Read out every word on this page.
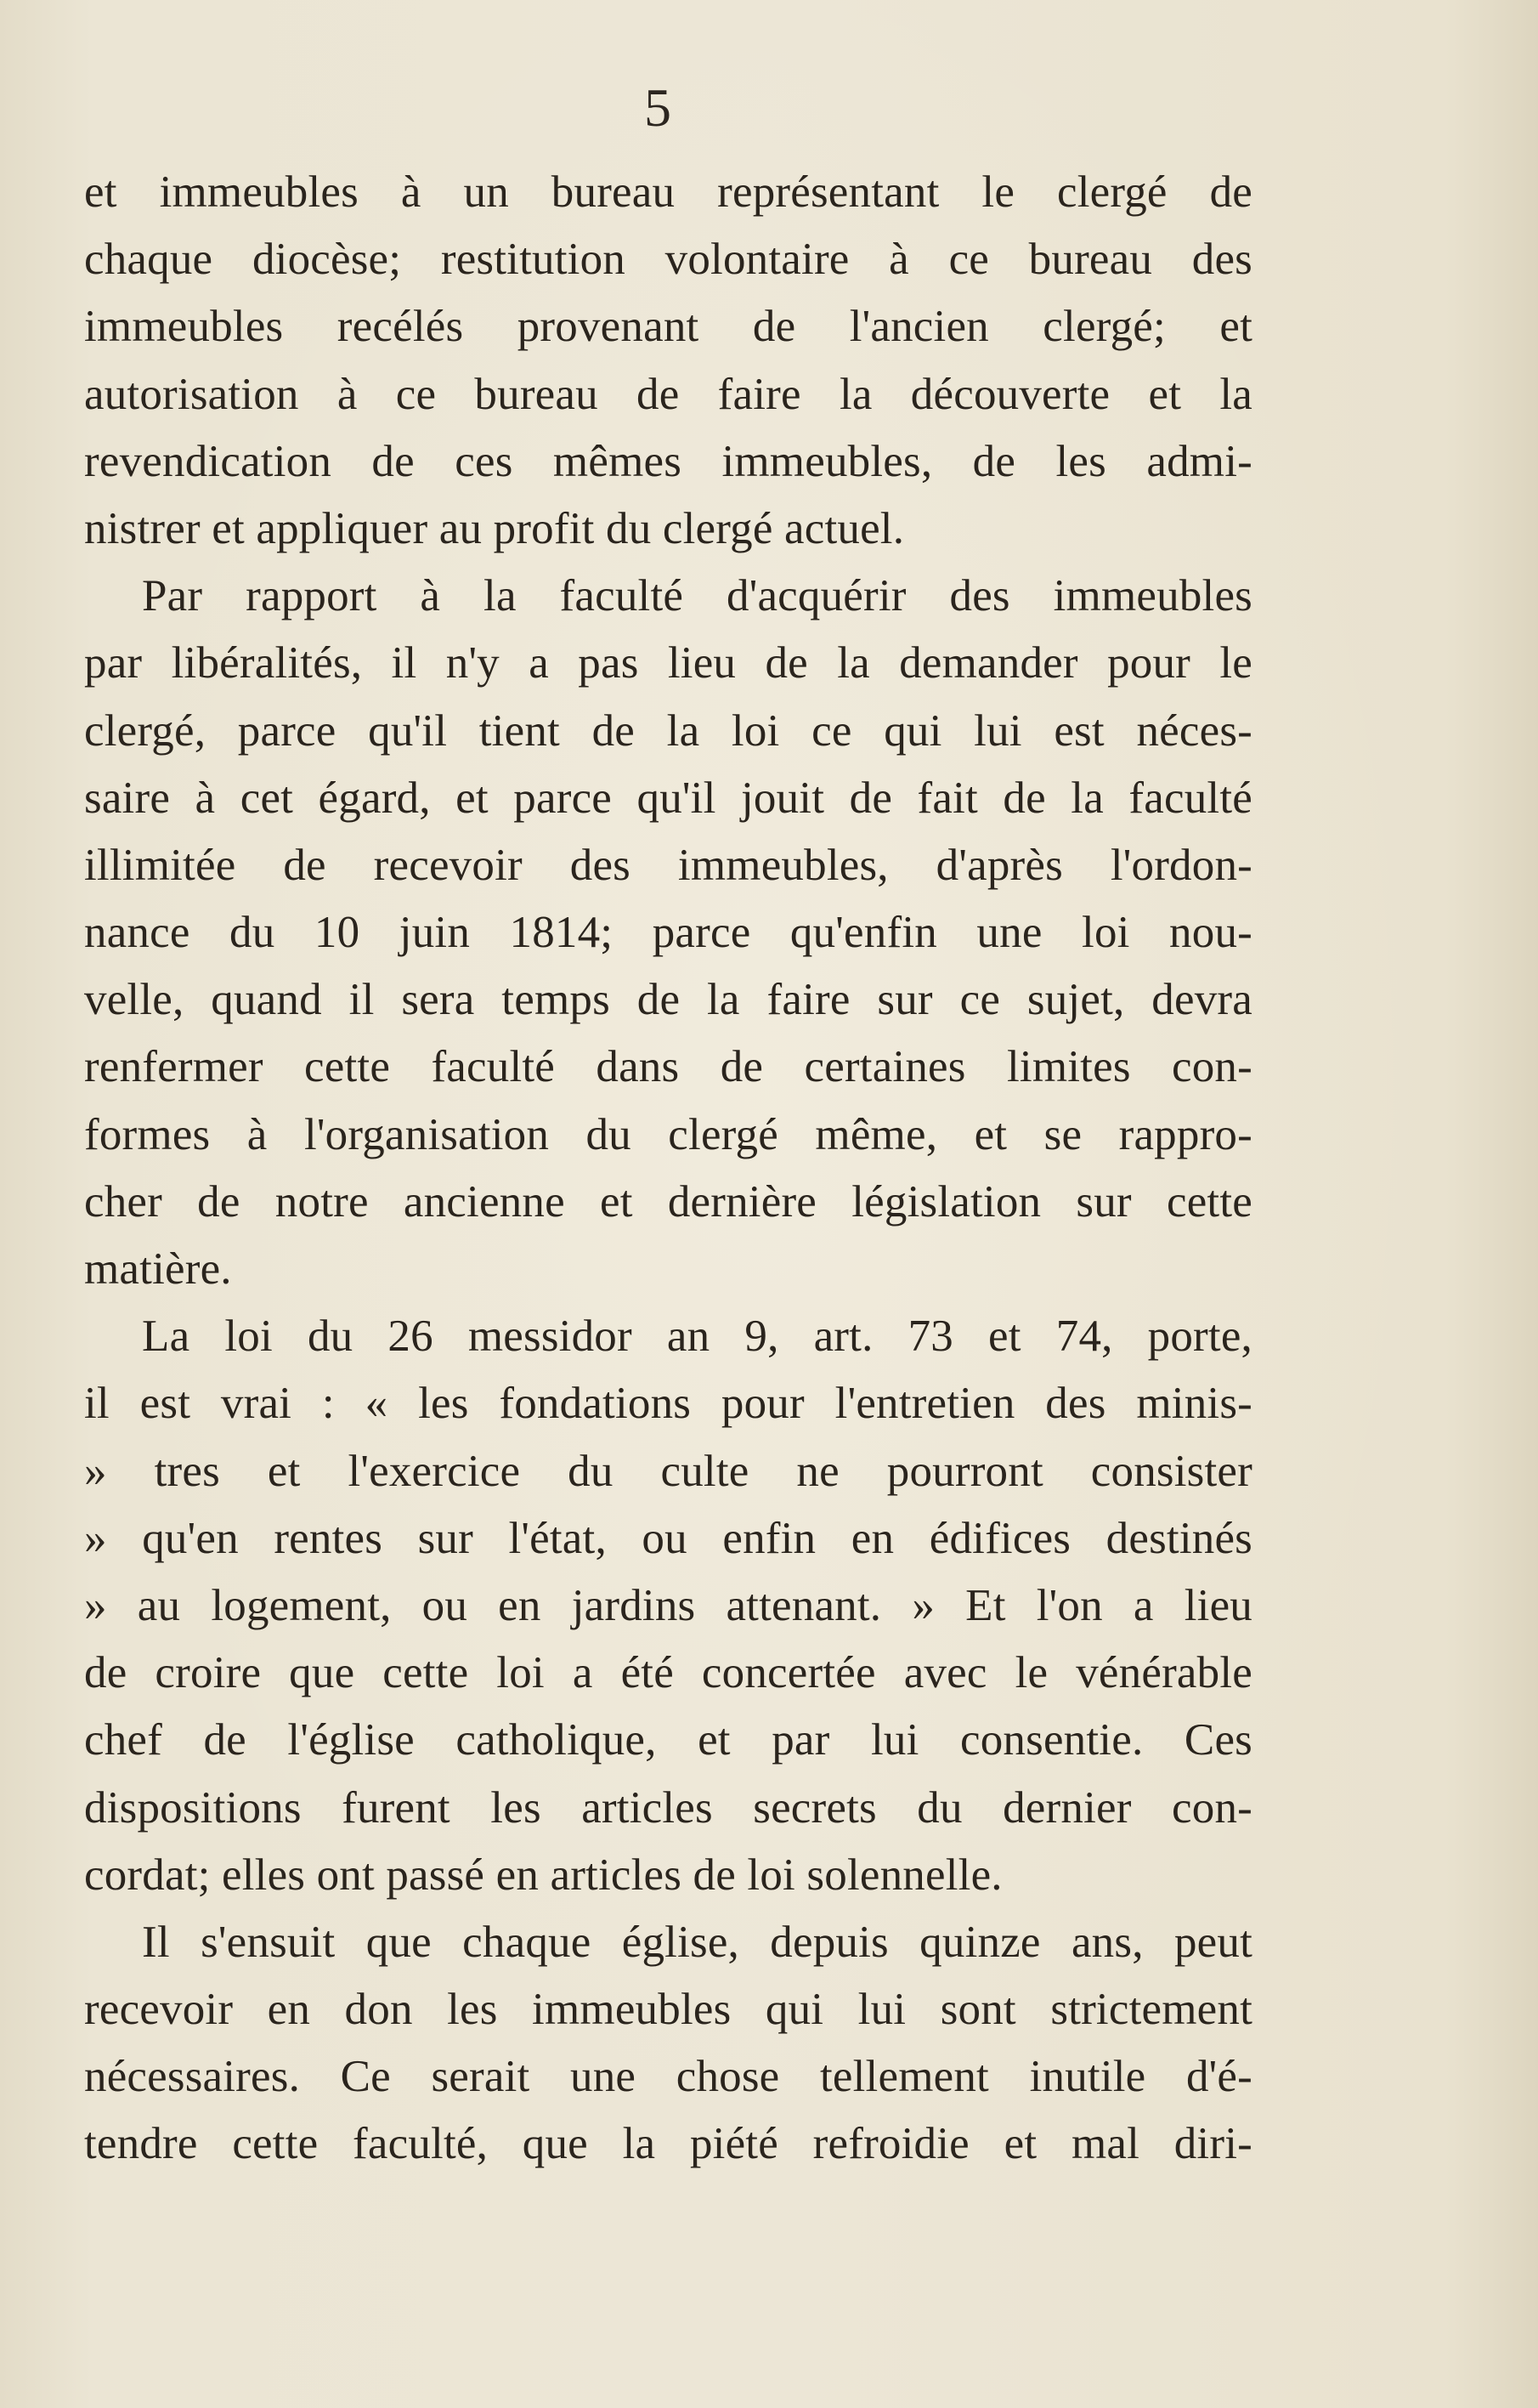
5
et immeubles à un bureau représentant le clergé de
chaque diocèse; restitution volontaire à ce bureau des
immeubles recélés provenant de l'ancien clergé; et
autorisation à ce bureau de faire la découverte et la
revendication de ces mêmes immeubles, de les admi-
nistrer et appliquer au profit du clergé actuel.
Par rapport à la faculté d'acquérir des immeubles
par libéralités, il n'y a pas lieu de la demander pour le
clergé, parce qu'il tient de la loi ce qui lui est néces-
saire à cet égard, et parce qu'il jouit de fait de la faculté
illimitée de recevoir des immeubles, d'après l'ordon-
nance du 10 juin 1814; parce qu'enfin une loi nou-
velle, quand il sera temps de la faire sur ce sujet, devra
renfermer cette faculté dans de certaines limites con-
formes à l'organisation du clergé même, et se rappro-
cher de notre ancienne et dernière législation sur cette
matière.
La loi du 26 messidor an 9, art. 73 et 74, porte,
il est vrai : « les fondations pour l'entretien des minis-
» tres et l'exercice du culte ne pourront consister
» qu'en rentes sur l'état, ou enfin en édifices destinés
» au logement, ou en jardins attenant. » Et l'on a lieu
de croire que cette loi a été concertée avec le vénérable
chef de l'église catholique, et par lui consentie. Ces
dispositions furent les articles secrets du dernier con-
cordat; elles ont passé en articles de loi solennelle.
Il s'ensuit que chaque église, depuis quinze ans, peut
recevoir en don les immeubles qui lui sont strictement
nécessaires. Ce serait une chose tellement inutile d'é-
tendre cette faculté, que la piété refroidie et mal diri-
